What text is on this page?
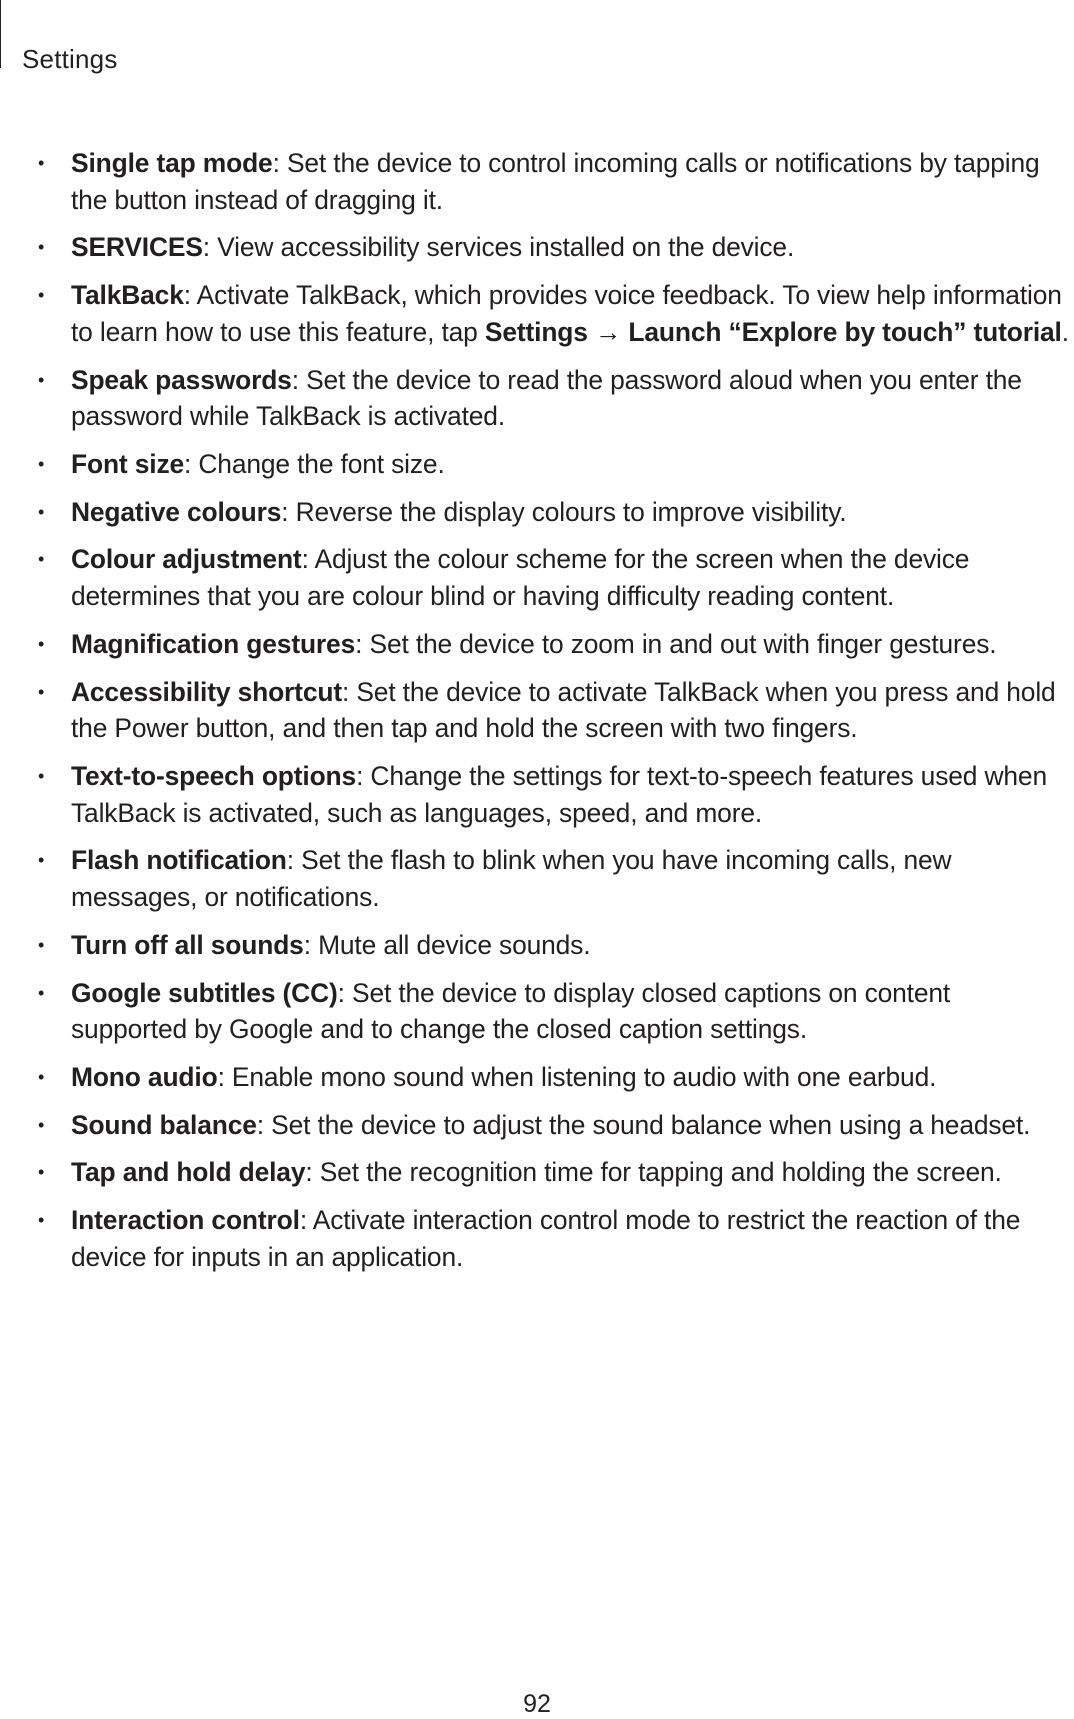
Settings
• Single tap mode: Set the device to control incoming calls or notifications by tapping the button instead of dragging it.
• SERVICES: View accessibility services installed on the device.
• TalkBack: Activate TalkBack, which provides voice feedback. To view help information to learn how to use this feature, tap Settings → Launch “Explore by touch” tutorial.
• Speak passwords: Set the device to read the password aloud when you enter the password while TalkBack is activated.
• Font size: Change the font size.
• Negative colours: Reverse the display colours to improve visibility.
• Colour adjustment: Adjust the colour scheme for the screen when the device determines that you are colour blind or having difficulty reading content.
• Magnification gestures: Set the device to zoom in and out with finger gestures.
• Accessibility shortcut: Set the device to activate TalkBack when you press and hold the Power button, and then tap and hold the screen with two fingers.
• Text-to-speech options: Change the settings for text-to-speech features used when TalkBack is activated, such as languages, speed, and more.
• Flash notification: Set the flash to blink when you have incoming calls, new messages, or notifications.
• Turn off all sounds: Mute all device sounds.
• Google subtitles (CC): Set the device to display closed captions on content supported by Google and to change the closed caption settings.
• Mono audio: Enable mono sound when listening to audio with one earbud.
• Sound balance: Set the device to adjust the sound balance when using a headset.
• Tap and hold delay: Set the recognition time for tapping and holding the screen.
• Interaction control: Activate interaction control mode to restrict the reaction of the device for inputs in an application.
92
